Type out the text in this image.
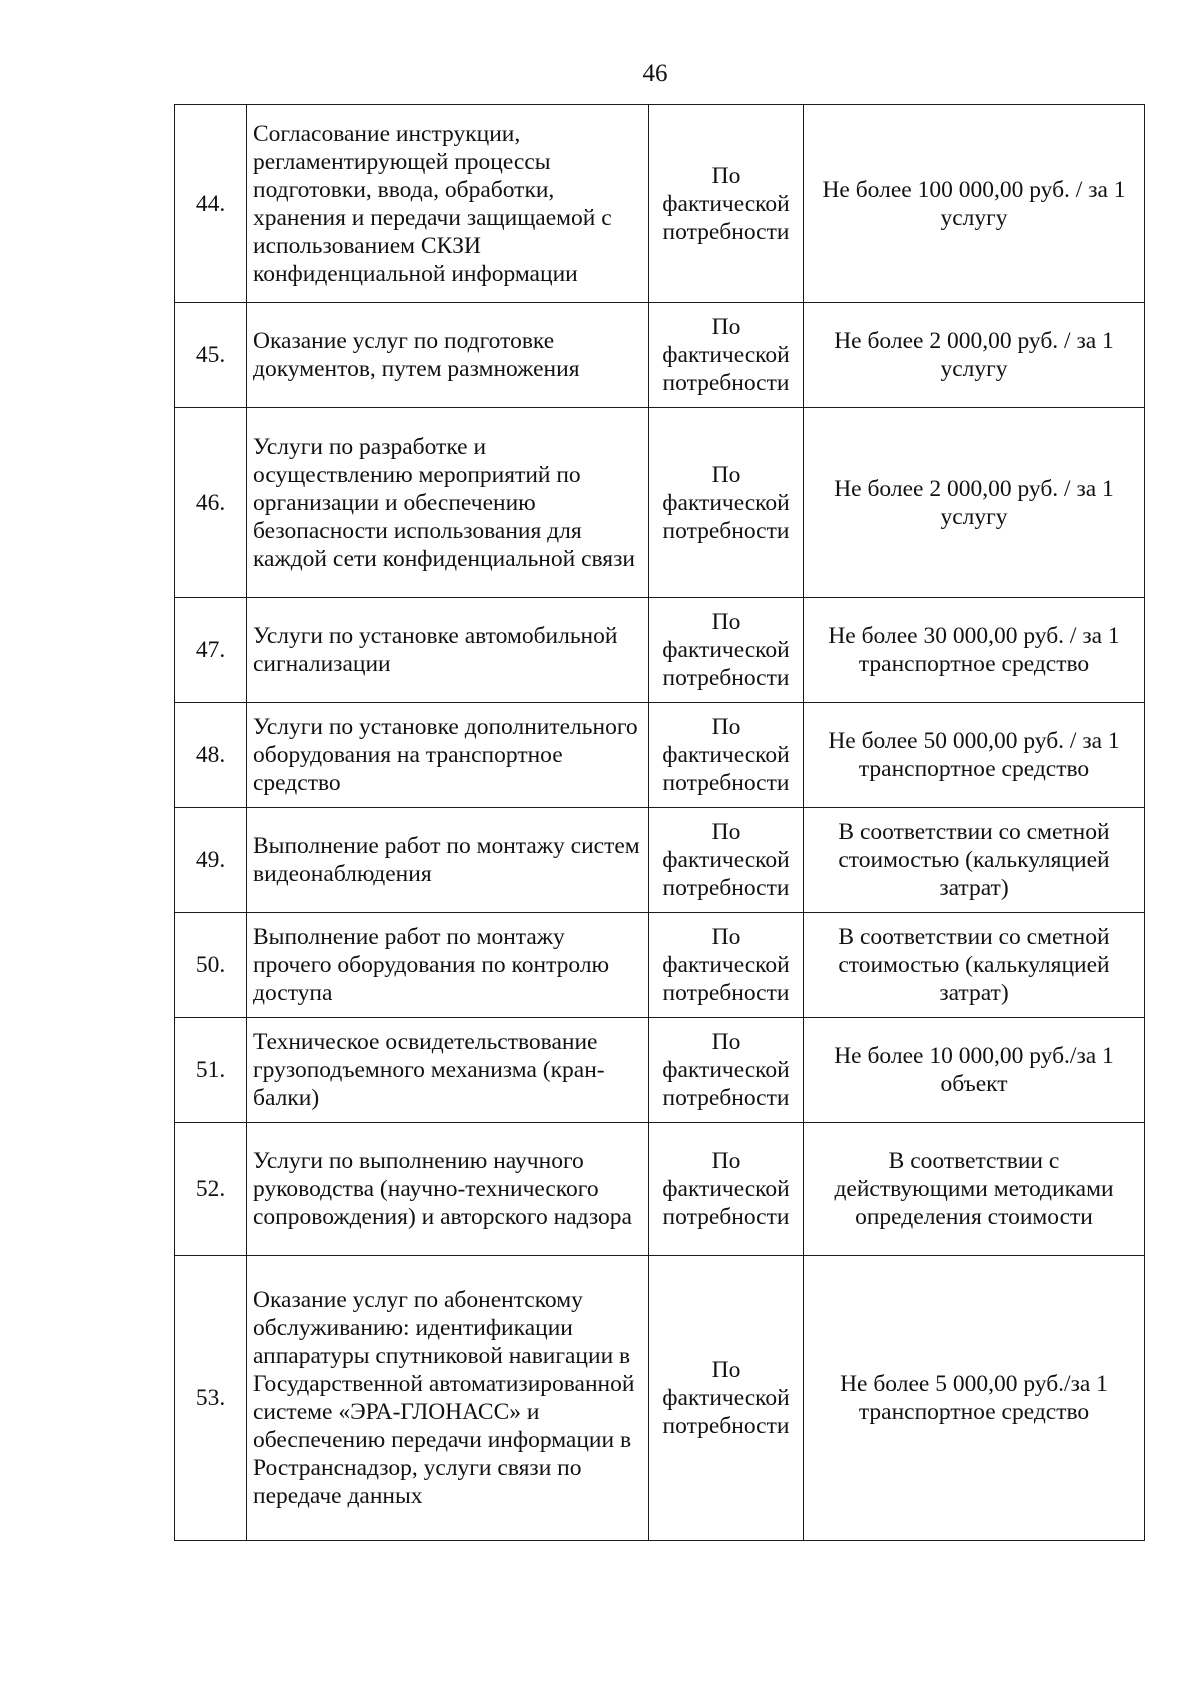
46
44.	Согласование инструкции, регламентирующей процессы подготовки, ввода, обработки, хранения и передачи защищаемой с использованием СКЗИ конфиденциальной информации	По фактической потребности	Не более 100 000,00 руб. / за 1 услугу
45.	Оказание услуг по подготовке документов, путем размножения	По фактической потребности	Не более 2 000,00 руб. / за 1 услугу
46.	Услуги по разработке и осуществлению мероприятий по организации и обеспечению безопасности использования для каждой сети конфиденциальной связи	По фактической потребности	Не более 2 000,00 руб. / за 1 услугу
47.	Услуги по установке автомобильной сигнализации	По фактической потребности	Не более 30 000,00 руб. / за 1 транспортное средство
48.	Услуги по установке дополнительного оборудования на транспортное средство	По фактической потребности	Не более 50 000,00 руб. / за 1 транспортное средство
49.	Выполнение работ по монтажу систем видеонаблюдения	По фактической потребности	В соответствии со сметной стоимостью (калькуляцией затрат)
50.	Выполнение работ по монтажу прочего оборудования по контролю доступа	По фактической потребности	В соответствии со сметной стоимостью (калькуляцией затрат)
51.	Техническое освидетельствование грузоподъемного механизма (кран-балки)	По фактической потребности	Не более 10 000,00 руб./за 1 объект
52.	Услуги по выполнению научного руководства (научно-технического сопровождения) и авторского надзора	По фактической потребности	В соответствии с действующими методиками определения стоимости
53.	Оказание услуг по абонентскому обслуживанию: идентификации аппаратуры спутниковой навигации в Государственной автоматизированной системе «ЭРА-ГЛОНАСС» и обеспечению передачи информации в Ространснадзор, услуги связи по передаче данных	По фактической потребности	Не более 5 000,00 руб./за 1 транспортное средство
